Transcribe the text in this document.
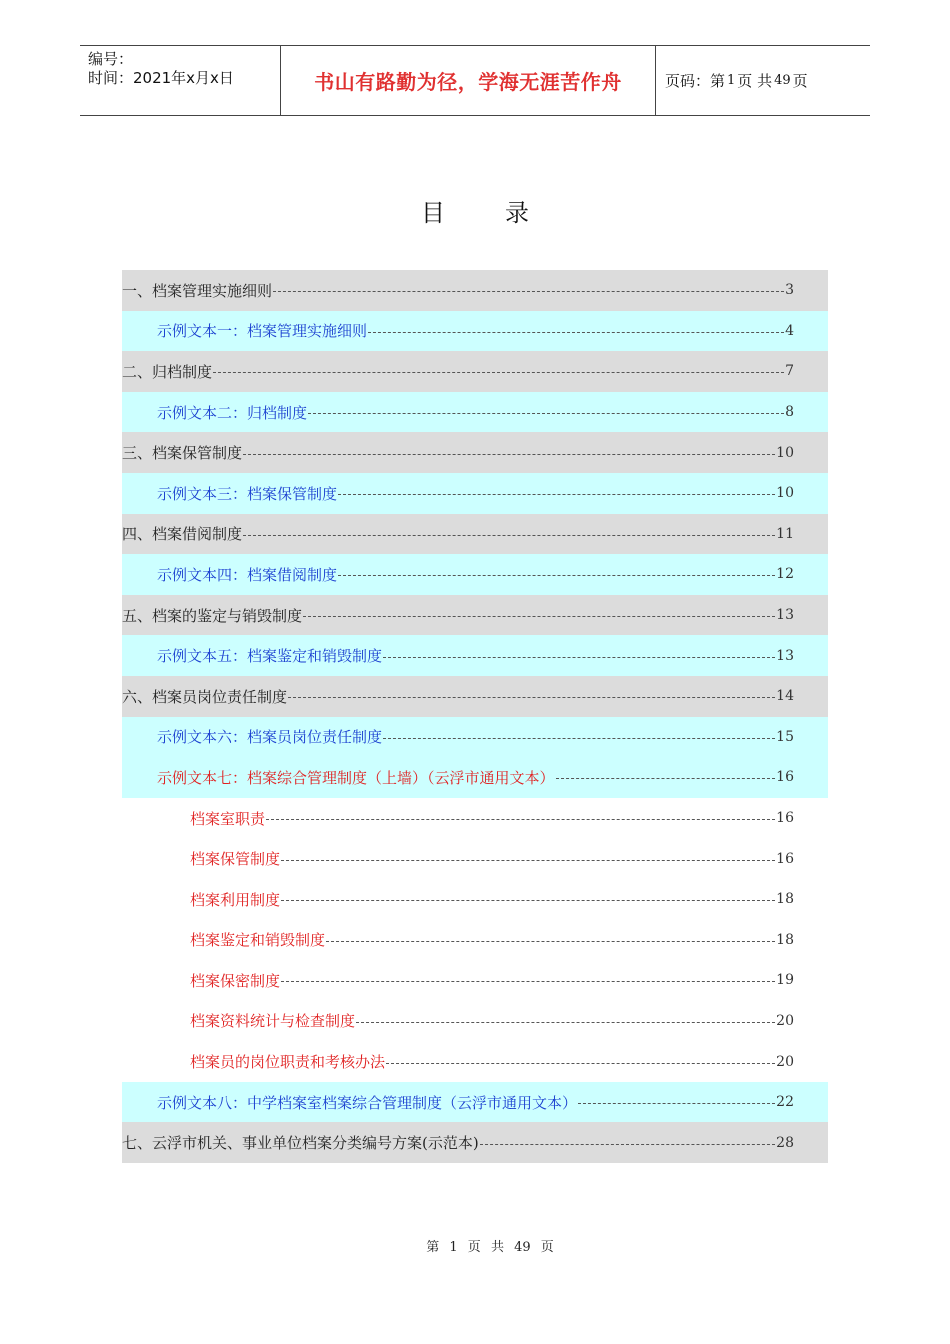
编号：
时间：2021年x月x日	书山有路勤为径，学海无涯苦作舟	页码：第 1 页 共 49 页
目录
一、档案管理实施细则	3
示例文本一：档案管理实施细则	4
二、归档制度	7
示例文本二：归档制度	8
三、档案保管制度	10
示例文本三：档案保管制度	10
四、档案借阅制度	11
示例文本四：档案借阅制度	12
五、档案的鉴定与销毁制度	13
示例文本五：档案鉴定和销毁制度	13
六、档案员岗位责任制度	14
示例文本六：档案员岗位责任制度	15
示例文本七：档案综合管理制度（上墙）（云浮市通用文本）	16
档案室职责	16
档案保管制度	16
档案利用制度	18
档案鉴定和销毁制度	18
档案保密制度	19
档案资料统计与检查制度	20
档案员的岗位职责和考核办法	20
示例文本八：中学档案室档案综合管理制度（云浮市通用文本）	22
七、云浮市机关、事业单位档案分类编号方案(示范本)	28
第 1 页 共 49 页
